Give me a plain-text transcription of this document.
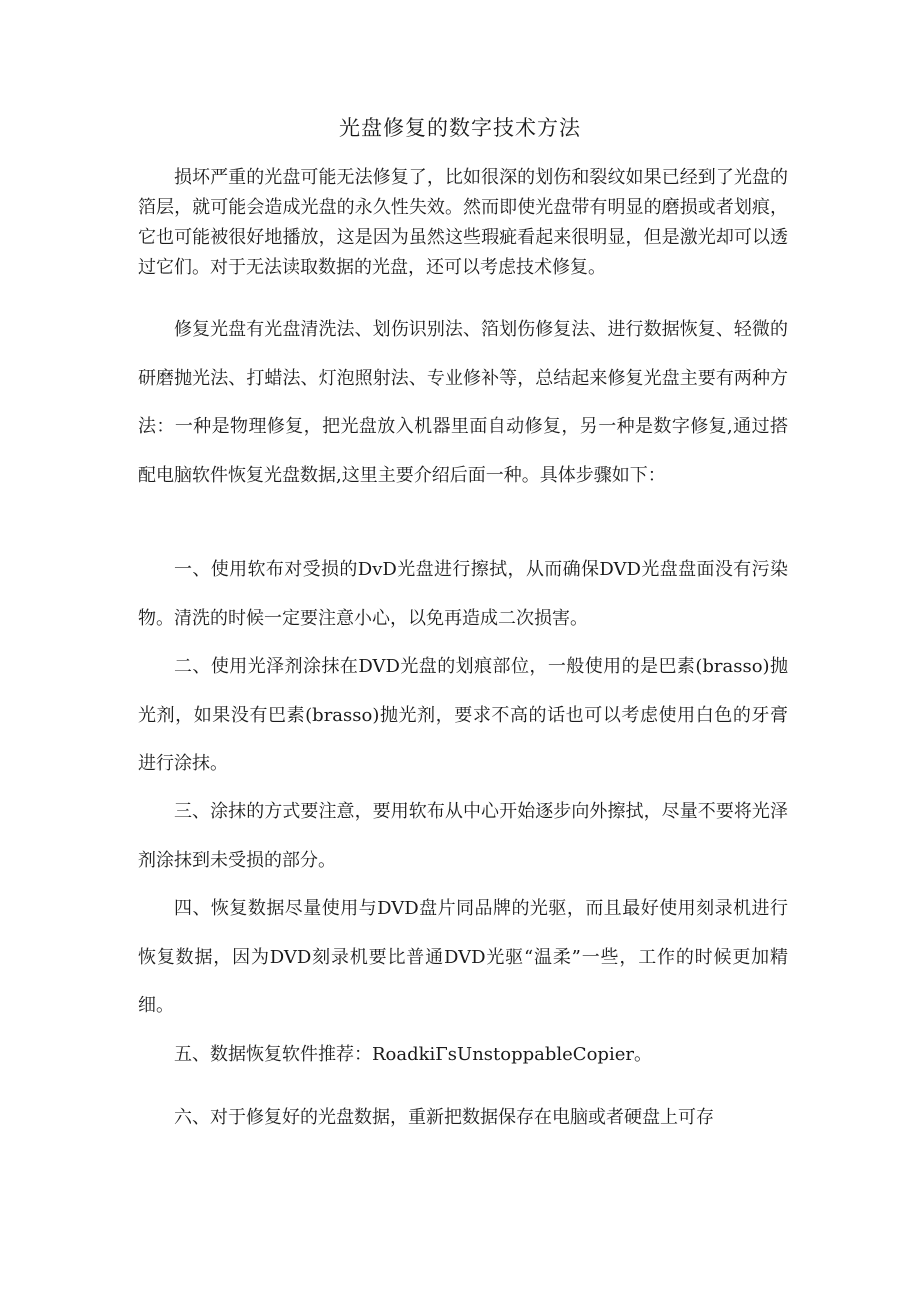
光盘修复的数字技术方法

损坏严重的光盘可能无法修复了，比如很深的划伤和裂纹如果已经到了光盘的箔层，就可能会造成光盘的永久性失效。然而即使光盘带有明显的磨损或者划痕，它也可能被很好地播放，这是因为虽然这些瑕疵看起来很明显，但是激光却可以透过它们。对于无法读取数据的光盘，还可以考虑技术修复。

修复光盘有光盘清洗法、划伤识别法、箔划伤修复法、进行数据恢复、轻微的研磨抛光法、打蜡法、灯泡照射法、专业修补等，总结起来修复光盘主要有两种方法：一种是物理修复，把光盘放入机器里面自动修复，另一种是数字修复,通过搭配电脑软件恢复光盘数据,这里主要介绍后面一种。具体步骤如下：

一、使用软布对受损的DvD光盘进行擦拭，从而确保DVD光盘盘面没有污染物。清洗的时候一定要注意小心，以免再造成二次损害。

二、使用光泽剂涂抹在DVD光盘的划痕部位，一般使用的是巴素(brasso)抛光剂，如果没有巴素(brasso)抛光剂，要求不高的话也可以考虑使用白色的牙膏进行涂抹。

三、涂抹的方式要注意，要用软布从中心开始逐步向外擦拭，尽量不要将光泽剂涂抹到未受损的部分。

四、恢复数据尽量使用与DVD盘片同品牌的光驱，而且最好使用刻录机进行恢复数据，因为DVD刻录机要比普通DVD光驱“温柔”一些，工作的时候更加精细。

五、数据恢复软件推荐：RoadkiΓsUnstoppableCopier。

六、对于修复好的光盘数据，重新把数据保存在电脑或者硬盘上可存
